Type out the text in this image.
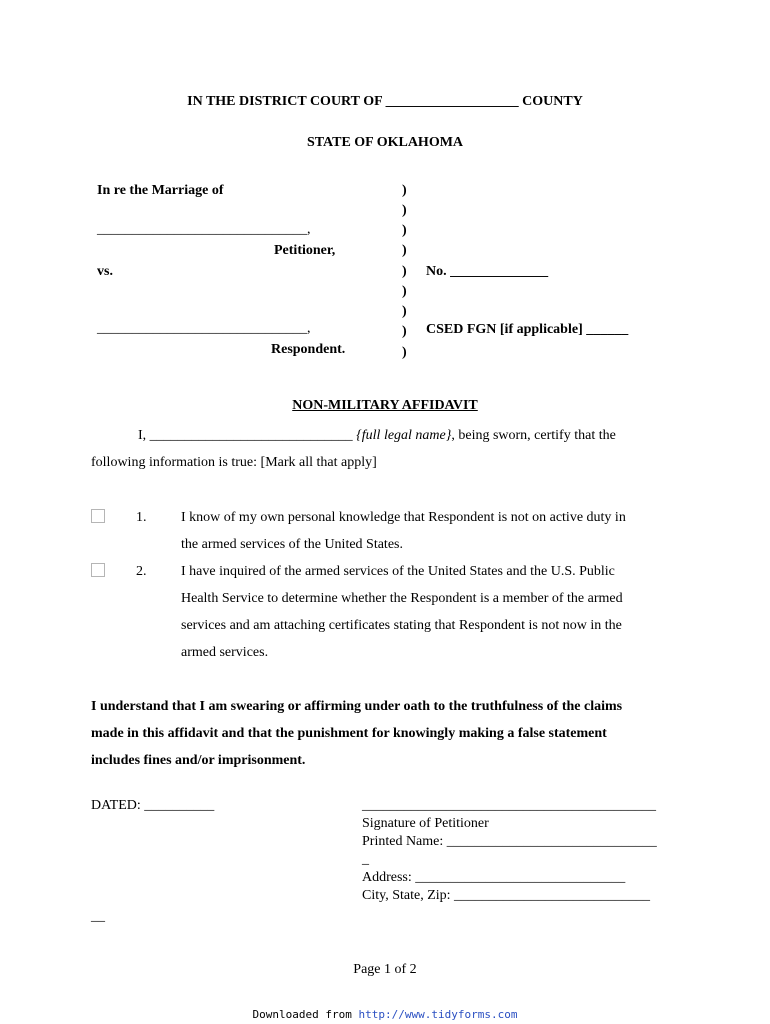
IN THE DISTRICT COURT OF ___________________ COUNTY
STATE OF OKLAHOMA
In re the Marriage of
______________________________,
Petitioner,
vs.
______________________________,
Respondent.
)
)
)
)
)
)
)
)
)
No. ______________
CSED FGN [if applicable] ______
NON-MILITARY AFFIDAVIT
I, _____________________________ {full legal name}, being sworn, certify that the
following information is true: [Mark all that apply]
1. I know of my own personal knowledge that Respondent is not on active duty in
the armed services of the United States.
2. I have inquired of the armed services of the United States and the U.S. Public
Health Service to determine whether the Respondent is a member of the armed
services and am attaching certificates stating that Respondent is not now in the
armed services.
I understand that I am swearing or affirming under oath to the truthfulness of the claims
made in this affidavit and that the punishment for knowingly making a false statement
includes fines and/or imprisonment.
DATED: __________	__________________________________________
Signature of Petitioner
Printed Name: ______________________________
_
Address: ______________________________
City, State, Zip: ____________________________
__
Page 1 of 2
Downloaded from http://www.tidyforms.com
